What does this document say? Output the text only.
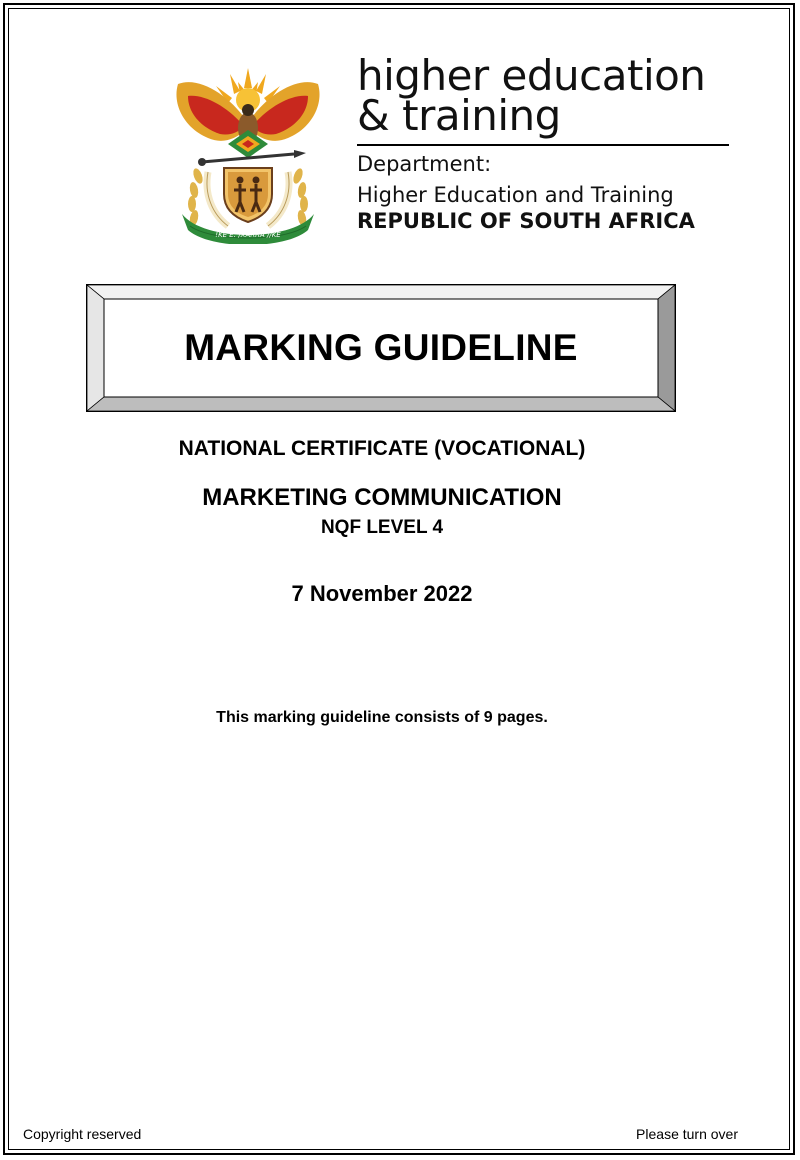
!KE E: /XARRA //KE
higher education
& training
Department:
Higher Education and Training
REPUBLIC OF SOUTH AFRICA
MARKING GUIDELINE
NATIONAL CERTIFICATE (VOCATIONAL)
MARKETING COMMUNICATION
NQF LEVEL 4
7 November 2022
This marking guideline consists of 9 pages.
Copyright reserved	Please turn over
